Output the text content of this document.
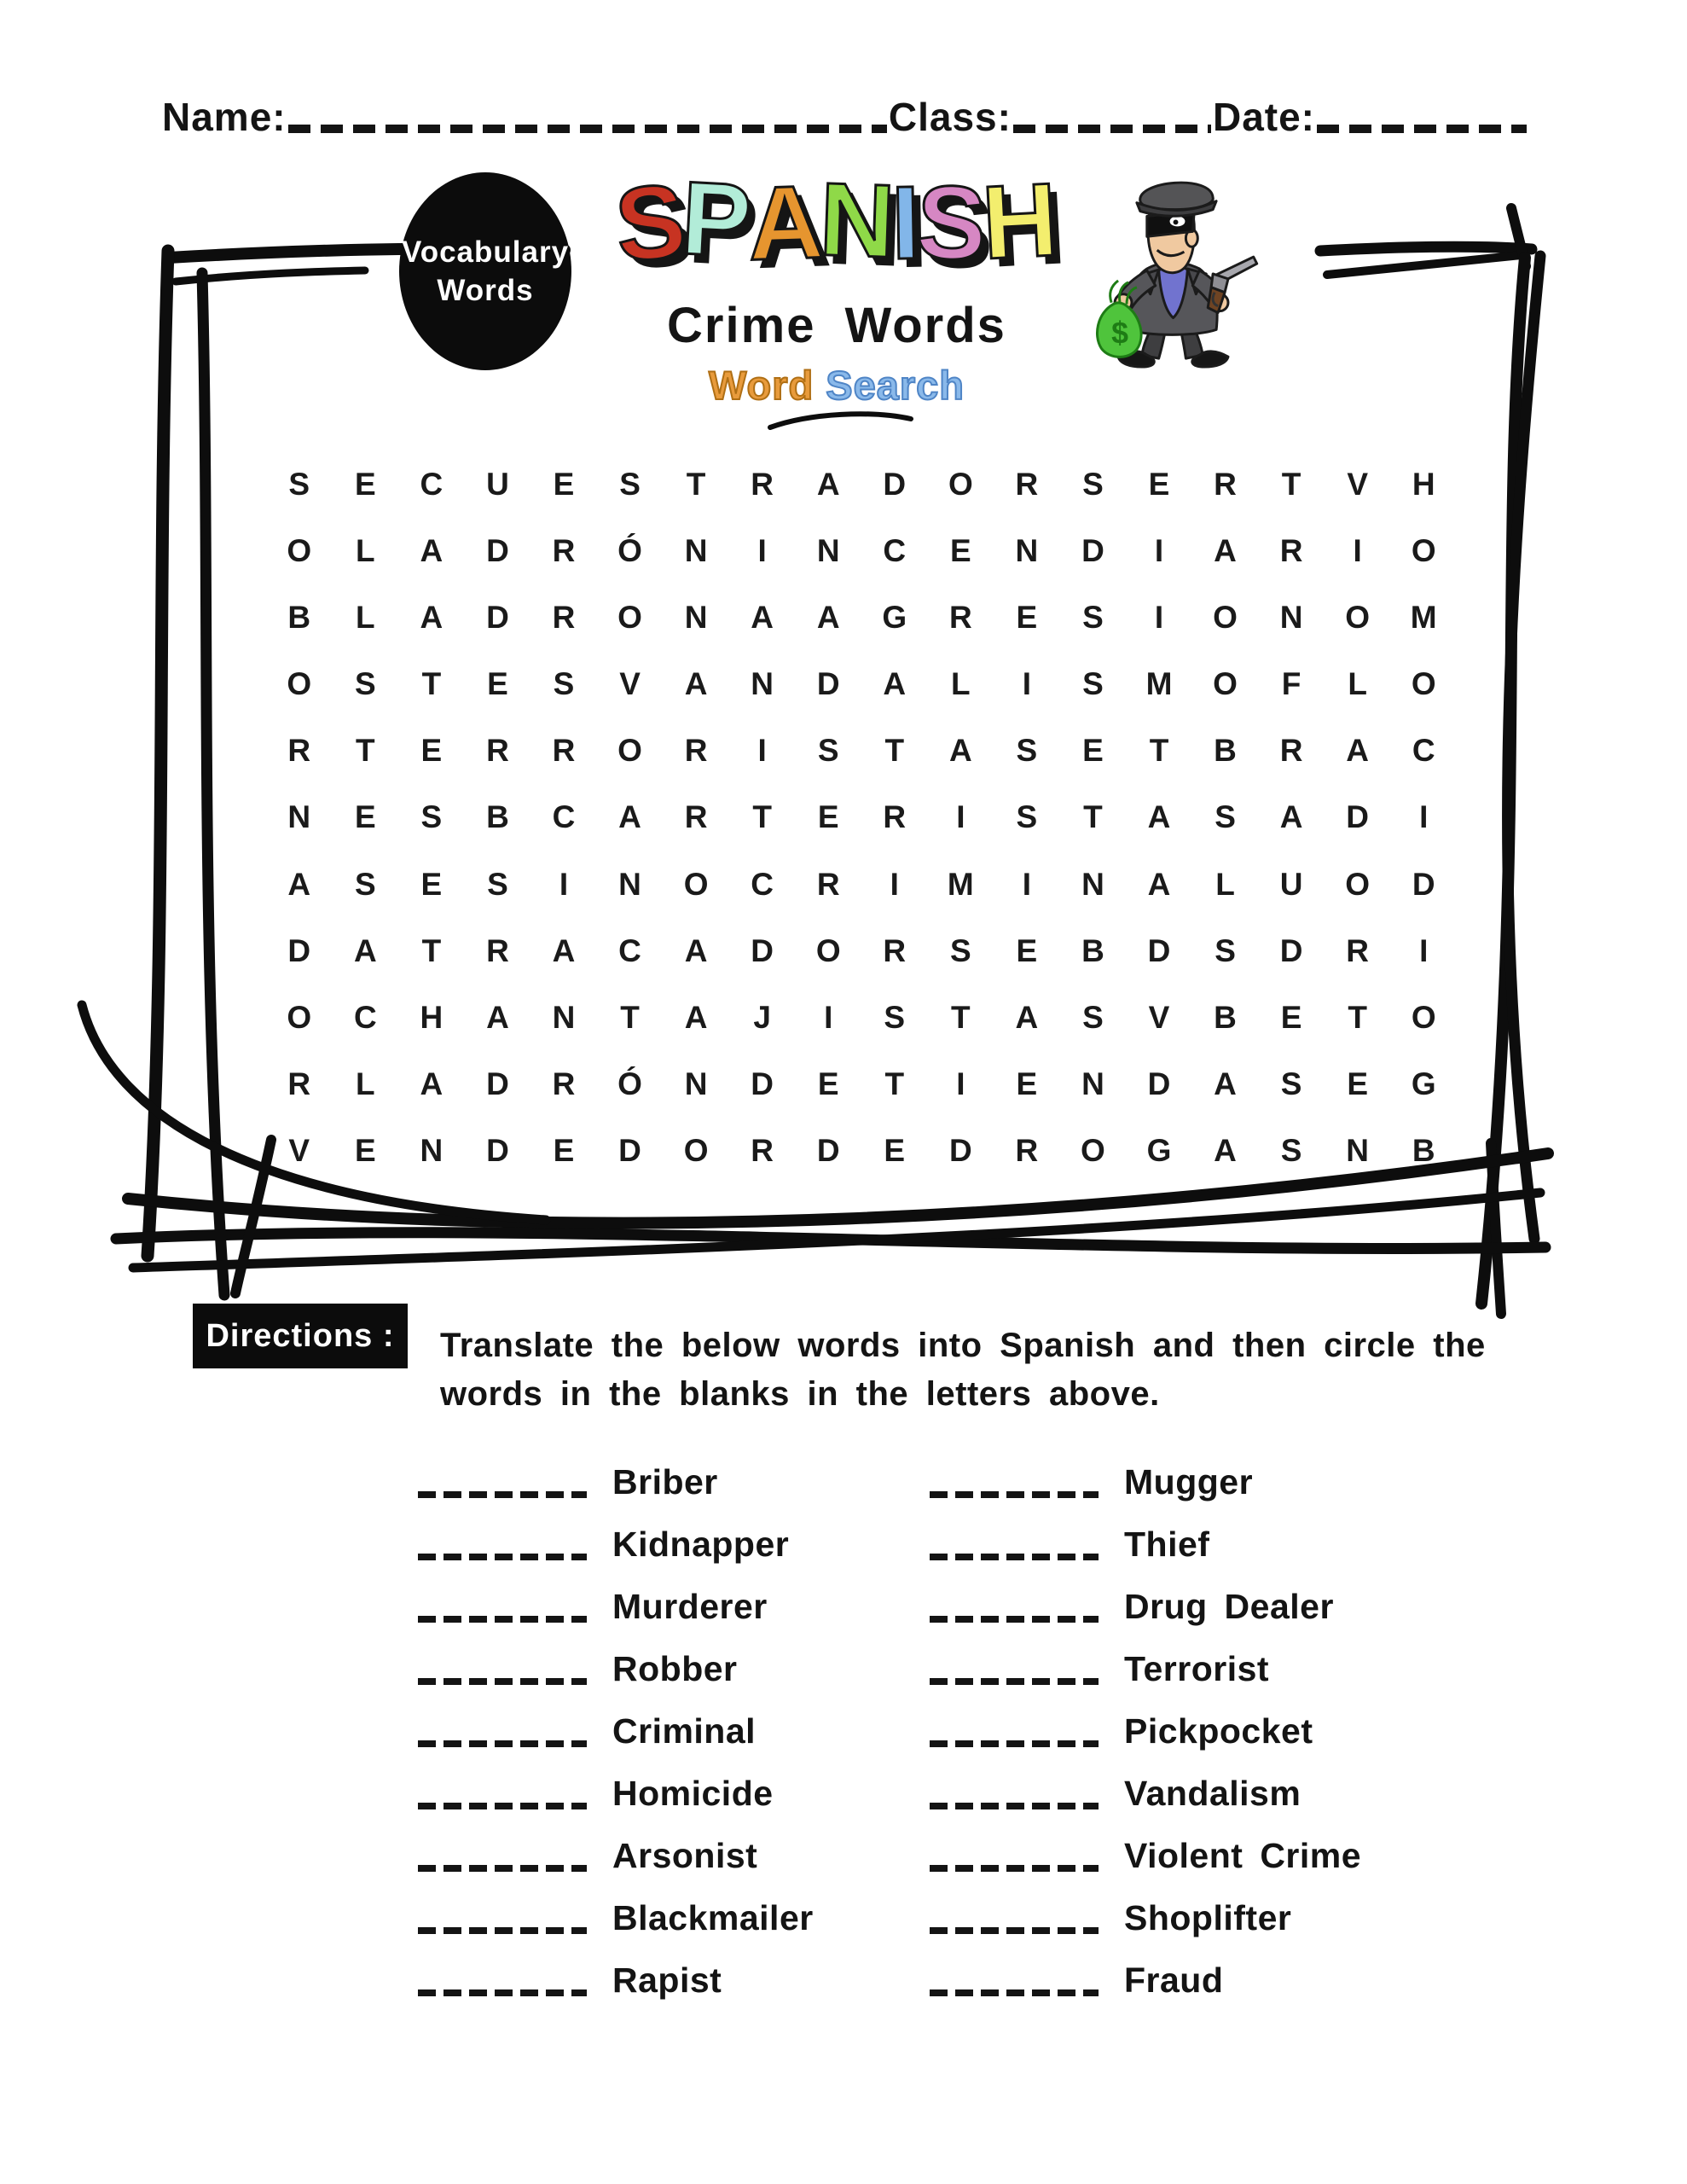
Name:	Class:	Date:
Vocabulary
Words
SPANISH
Crime Words
Word Search
$
S E C U E S T R A D O R S E R T V H
O L A D R Ó N I N C E N D I A R I O
B L A D R O N A A G R E S I O N O M
O S T E S V A N D A L I S M O F L O
R T E R R O R I S T A S E T B R A C
N E S B C A R T E R I S T A S A D I
A S E S I N O C R I M I N A L U O D
D A T R A C A D O R S E B D S D R I
O C H A N T A J I S T A S V B E T O
R L A D R Ó N D E T I E N D A S E G
V E N D E D O R D E D R O G A S N B
Directions : Translate the below words into Spanish and then circle the
words in the blanks in the letters above.
Briber	Mugger
Kidnapper	Thief
Murderer	Drug Dealer
Robber	Terrorist
Criminal	Pickpocket
Homicide	Vandalism
Arsonist	Violent Crime
Blackmailer	Shoplifter
Rapist	Fraud
